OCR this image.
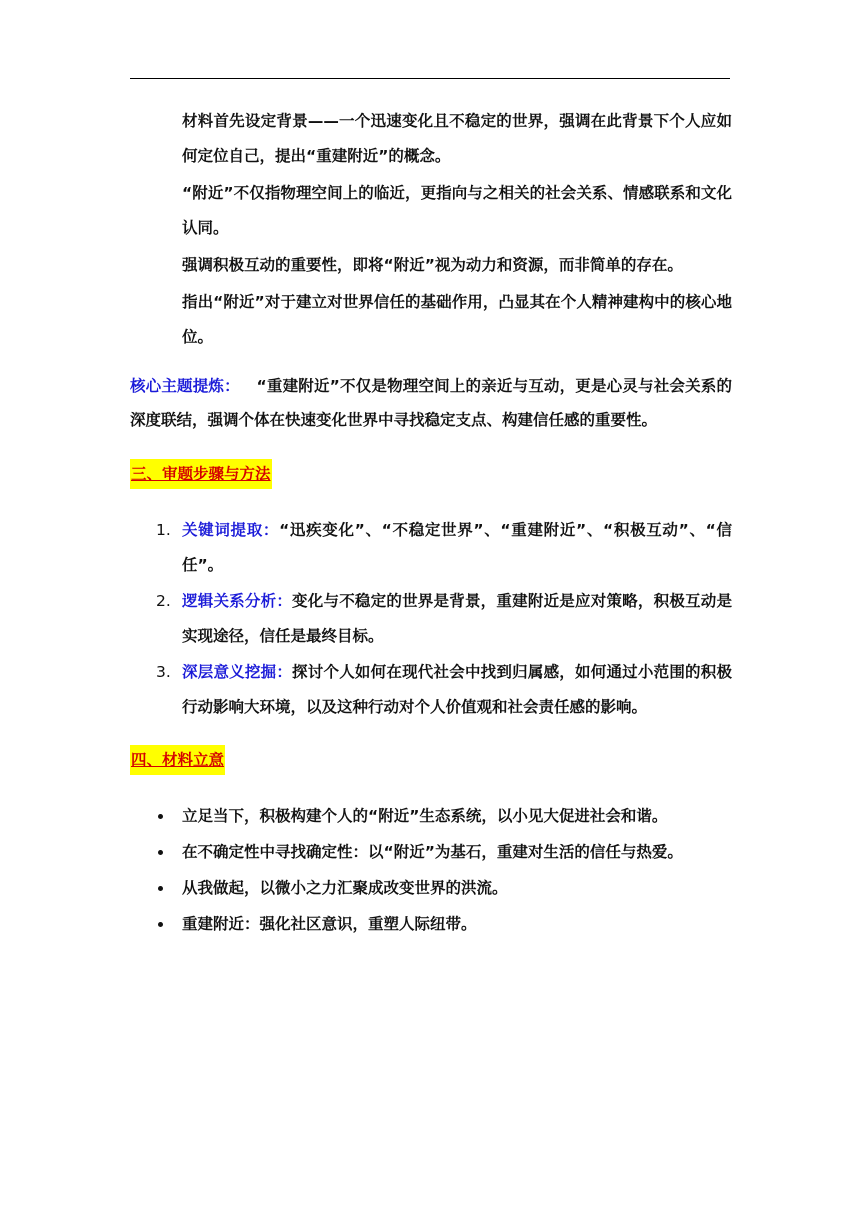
材料首先设定背景——一个迅速变化且不稳定的世界，强调在此背景下个人应如何定位自己，提出“重建附近”的概念。

“附近”不仅指物理空间上的临近，更指向与之相关的社会关系、情感联系和文化认同。

强调积极互动的重要性，即将“附近”视为动力和资源，而非简单的存在。

指出“附近”对于建立对世界信任的基础作用，凸显其在个人精神建构中的核心地位。

核心主题提炼： “重建附近”不仅是物理空间上的亲近与互动，更是心灵与社会关系的深度联结，强调个体在快速变化世界中寻找稳定支点、构建信任感的重要性。

三、审题步骤与方法
1. 关键词提取：“迅疾变化”、“不稳定世界”、“重建附近”、“积极互动”、“信任”。
2. 逻辑关系分析：变化与不稳定的世界是背景，重建附近是应对策略，积极互动是实现途径，信任是最终目标。
3. 深层意义挖掘：探讨个人如何在现代社会中找到归属感，如何通过小范围的积极行动影响大环境，以及这种行动对个人价值观和社会责任感的影响。
四、材料立意
立足当下，积极构建个人的“附近”生态系统，以小见大促进社会和谐。
在不确定性中寻找确定性：以“附近”为基石，重建对生活的信任与热爱。
从我做起，以微小之力汇聚成改变世界的洪流。
重建附近：强化社区意识，重塑人际纽带。
